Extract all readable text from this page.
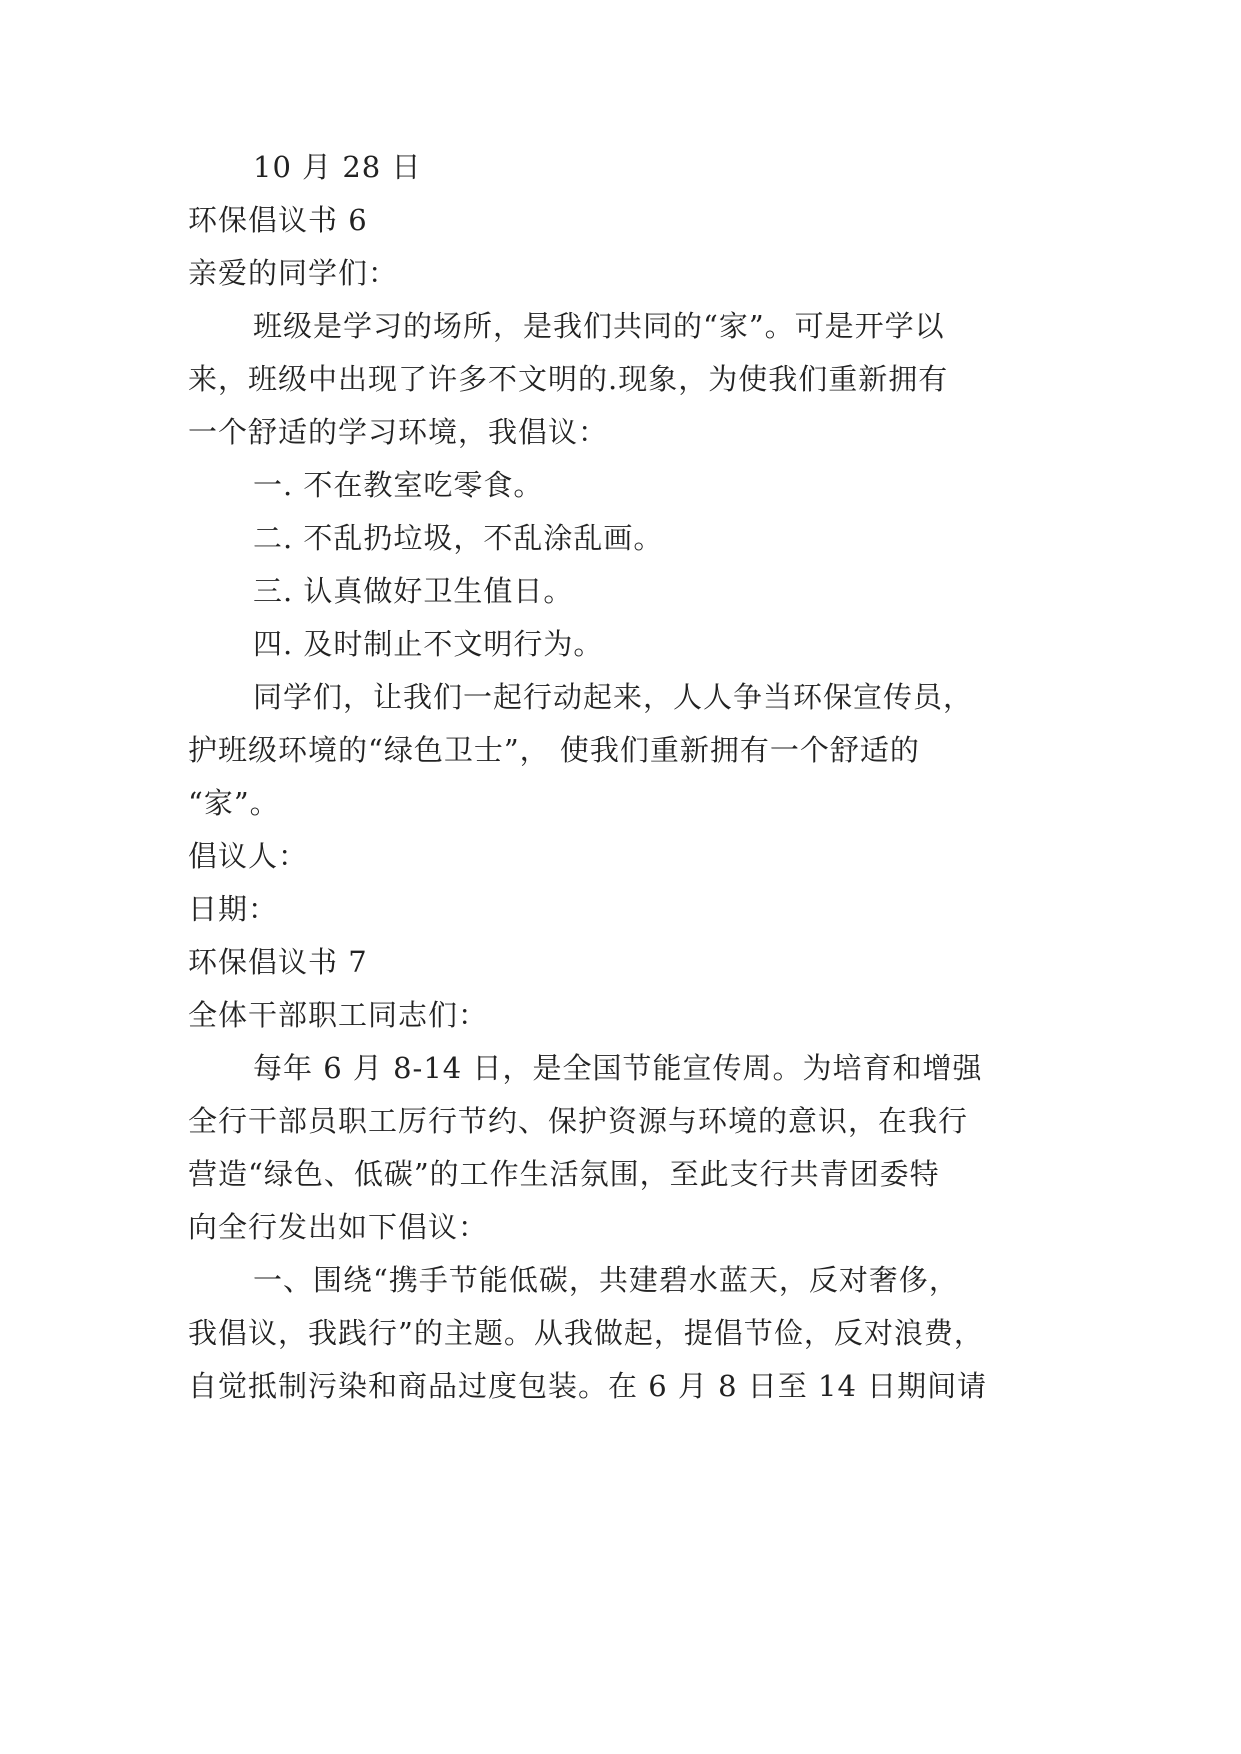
10 月 28 日
环保倡议书 6
亲爱的同学们：
班级是学习的场所，是我们共同的“家”。可是开学以
来，班级中出现了许多不文明的.现象，为使我们重新拥有
一个舒适的学习环境，我倡议：
一. 不在教室吃零食。
二. 不乱扔垃圾，不乱涂乱画。
三. 认真做好卫生值日。
四. 及时制止不文明行为。
同学们，让我们一起行动起来，人人争当环保宣传员，
护班级环境的“绿色卫士”， 使我们重新拥有一个舒适的
“家”。
倡议人：
日期：
环保倡议书 7
全体干部职工同志们：
每年 6 月 8-14 日，是全国节能宣传周。为培育和增强
全行干部员职工厉行节约、保护资源与环境的意识，在我行
营造“绿色、低碳”的工作生活氛围，至此支行共青团委特
向全行发出如下倡议：
一、围绕“携手节能低碳，共建碧水蓝天，反对奢侈，
我倡议，我践行”的主题。从我做起，提倡节俭，反对浪费，
自觉抵制污染和商品过度包装。在 6 月 8 日至 14 日期间请
